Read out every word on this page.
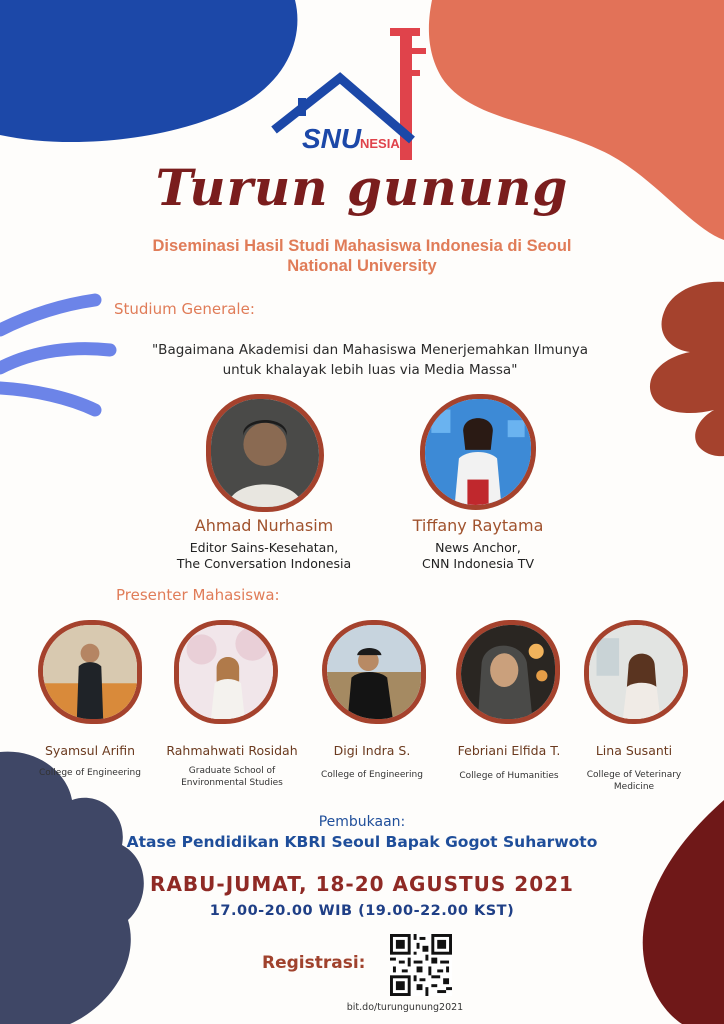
SNU
NESIA
Turun gunung
Diseminasi Hasil Studi Mahasiswa Indonesia di Seoul National University
Studium Generale:
"Bagaimana Akademisi dan Mahasiswa Menerjemahkan Ilmunya untuk khalayak lebih luas via Media Massa"
Ahmad Nurhasim
Editor Sains-Kesehatan,
The Conversation Indonesia
Tiffany Raytama
News Anchor,
CNN Indonesia TV
Presenter Mahasiswa:
Syamsul Arifin
College of Engineering
Rahmahwati Rosidah
Graduate School of Environmental Studies
Digi Indra S.
College of Engineering
Febriani Elfida T.
College of Humanities
Lina Susanti
College of Veterinary Medicine
Pembukaan:
Atase Pendidikan KBRI Seoul Bapak Gogot Suharwoto
RABU-JUMAT, 18-20 AGUSTUS 2021
17.00-20.00 WIB (19.00-22.00 KST)
Registrasi:
bit.do/turungunung2021
